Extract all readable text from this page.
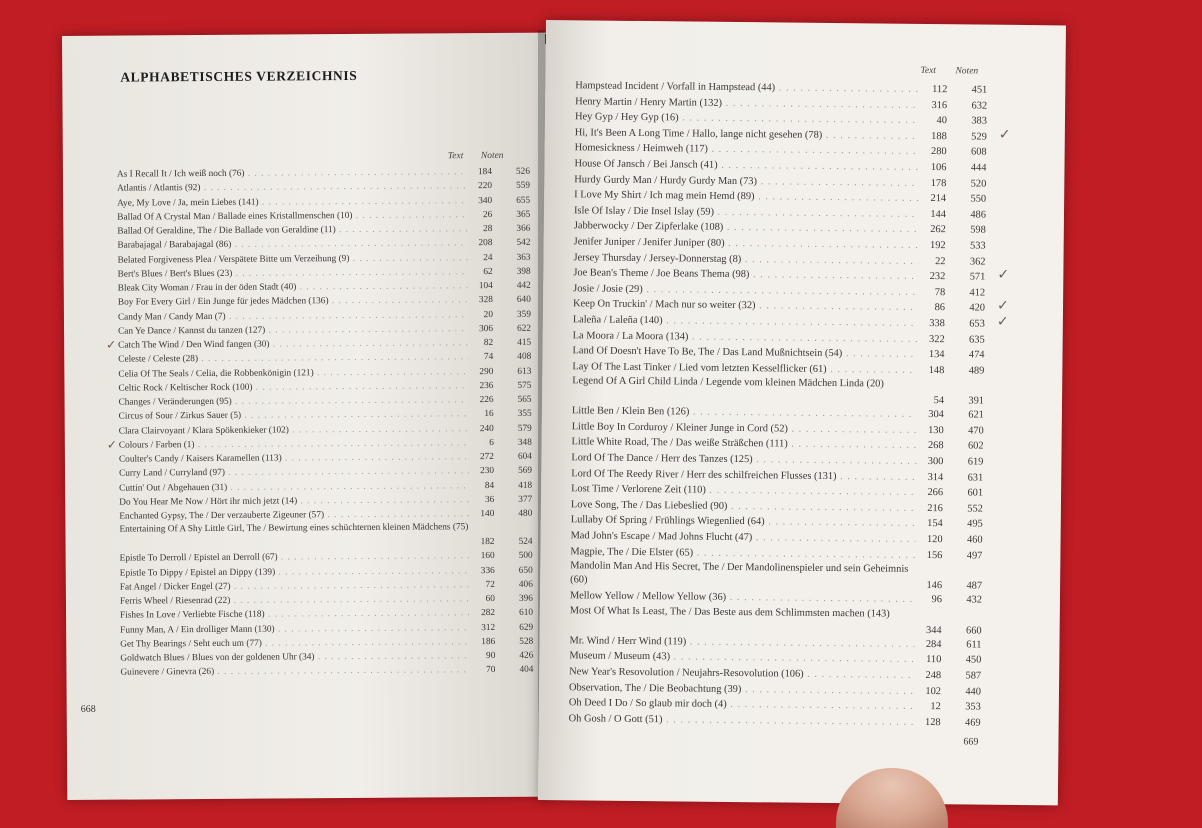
ALPHABETISCHES VERZEICHNIS
Text Noten
As I Recall It / Ich weiß noch (76) . . .	184	526
Atlantis / Atlantis (92) . . .	220	559
Aye, My Love / Ja, mein Liebes (141) . . .	340	655
Ballad Of A Crystal Man / Ballade eines Kristallmenschen (10) . . .	26	365
Ballad Of Geraldine, The / Die Ballade von Geraldine (11) . . .	28	366
Barabajagal / Barabajagal (86) . . .	208	542
Belated Forgiveness Plea / Verspätete Bitte um Verzeihung (9) . . .	24	363
Bert's Blues / Bert's Blues (23) . . .	62	398
Bleak City Woman / Frau in der öden Stadt (40) . . .	104	442
Boy For Every Girl / Ein Junge für jedes Mädchen (136) . . .	328	640
Candy Man / Candy Man (7) . . .	20	359
Can Ye Dance / Kannst du tanzen (127) . . .	306	622
Catch The Wind / Den Wind fangen (30) . . .	82	415
✓
Celeste / Celeste (28) . . .	74	408
Celia Of The Seals / Celia, die Robbenkönigin (121) . . .	290	613
Celtic Rock / Keltischer Rock (100) . . .	236	575
Changes / Veränderungen (95) . . .	226	565
Circus of Sour / Zirkus Sauer (5) . . .	16	355
Clara Clairvoyant / Klara Spökenkieker (102) . . .	240	579
Colours / Farben (1) . . .	6	348
✓
Coulter's Candy / Kaisers Karamellen (113) . . .	272	604
Curry Land / Curryland (97) . . .	230	569
Cuttin' Out / Abgehauen (31) . . .	84	418
Do You Hear Me Now / Hört ihr mich jetzt (14) . . .	36	377
Enchanted Gypsy, The / Der verzauberte Zigeuner (57) . . .	140	480
Entertaining Of A Shy Little Girl, The / Bewirtung eines schüchternen kleinen Mädchens (75)
182	524
Epistle To Derroll / Epistel an Derroll (67) . . .	160	500
Epistle To Dippy / Epistel an Dippy (139) . . .	336	650
Fat Angel / Dicker Engel (27) . . .	72	406
Ferris Wheel / Riesenrad (22) . . .	60	396
Fishes In Love / Verliebte Fische (118) . . .	282	610
Funny Man, A / Ein drolliger Mann (130) . . .	312	629
Get Thy Bearings / Seht euch um (77) . . .	186	528
Goldwatch Blues / Blues von der goldenen Uhr (34) . . .	90	426
Guinevere / Ginevra (26) . . .	70	404
668
Text Noten
Hampstead Incident / Vorfall in Hampstead (44) . . .	112	451
Henry Martin / Henry Martin (132) . . .	316	632
Hey Gyp / Hey Gyp (16) . . .	40	383
Hi, It's Been A Long Time / Hallo, lange nicht gesehen (78) . . .	188	529 ✓
Homesickness / Heimweh (117) . . .	280	608
House Of Jansch / Bei Jansch (41) . . .	106	444
Hurdy Gurdy Man / Hurdy Gurdy Man (73) . . .	178	520
I Love My Shirt / Ich mag mein Hemd (89) . . .	214	550
Isle Of Islay / Die Insel Islay (59) . . .	144	486
Jabberwocky / Der Zipferlake (108) . . .	262	598
Jenifer Juniper / Jenifer Juniper (80) . . .	192	533
Jersey Thursday / Jersey-Donnerstag (8) . . .	22	362
Joe Bean's Theme / Joe Beans Thema (98) . . .	232	571 ✓
Josie / Josie (29) . . .	78	412
Keep On Truckin' / Mach nur so weiter (32) . . .	86	420 ✓
Laleña / Laleña (140) . . .	338	653 ✓
La Moora / La Moora (134) . . .	322	635
Land Of Doesn't Have To Be, The / Das Land Mußnichtsein (54) . . .	134	474
Lay Of The Last Tinker / Lied vom letzten Kesselflicker (61) . . .	148	489
Legend Of A Girl Child Linda / Legende vom kleinen Mädchen Linda (20)
54	391
Little Ben / Klein Ben (126) . . .	304	621
Little Boy In Corduroy / Kleiner Junge in Cord (52) . . .	130	470
Little White Road, The / Das weiße Sträßchen (111) . . .	268	602
Lord Of The Dance / Herr des Tanzes (125) . . .	300	619
Lord Of The Reedy River / Herr des schilfreichen Flusses (131) . . .	314	631
Lost Time / Verlorene Zeit (110) . . .	266	601
Love Song, The / Das Liebeslied (90) . . .	216	552
Lullaby Of Spring / Frühlings Wiegenlied (64) . . .	154	495
Mad John's Escape / Mad Johns Flucht (47) . . .	120	460
Magpie, The / Die Elster (65) . . .	156	497
Mandolin Man And His Secret, The / Der Mandolinenspieler und sein Geheimnis (60)
146	487
Mellow Yellow / Mellow Yellow (36) . . .	96	432
Most Of What Is Least, The / Das Beste aus dem Schlimmsten machen (143)
344	660
Mr. Wind / Herr Wind (119) . . .	284	611
Museum / Museum (43) . . .	110	450
New Year's Resovolution / Neujahrs-Resovolution (106) . . .	248	587
Observation, The / Die Beobachtung (39) . . .	102	440
Oh Deed I Do / So glaub mir doch (4) . . .	12	353
Oh Gosh / O Gott (51) . . .	128	469
669
